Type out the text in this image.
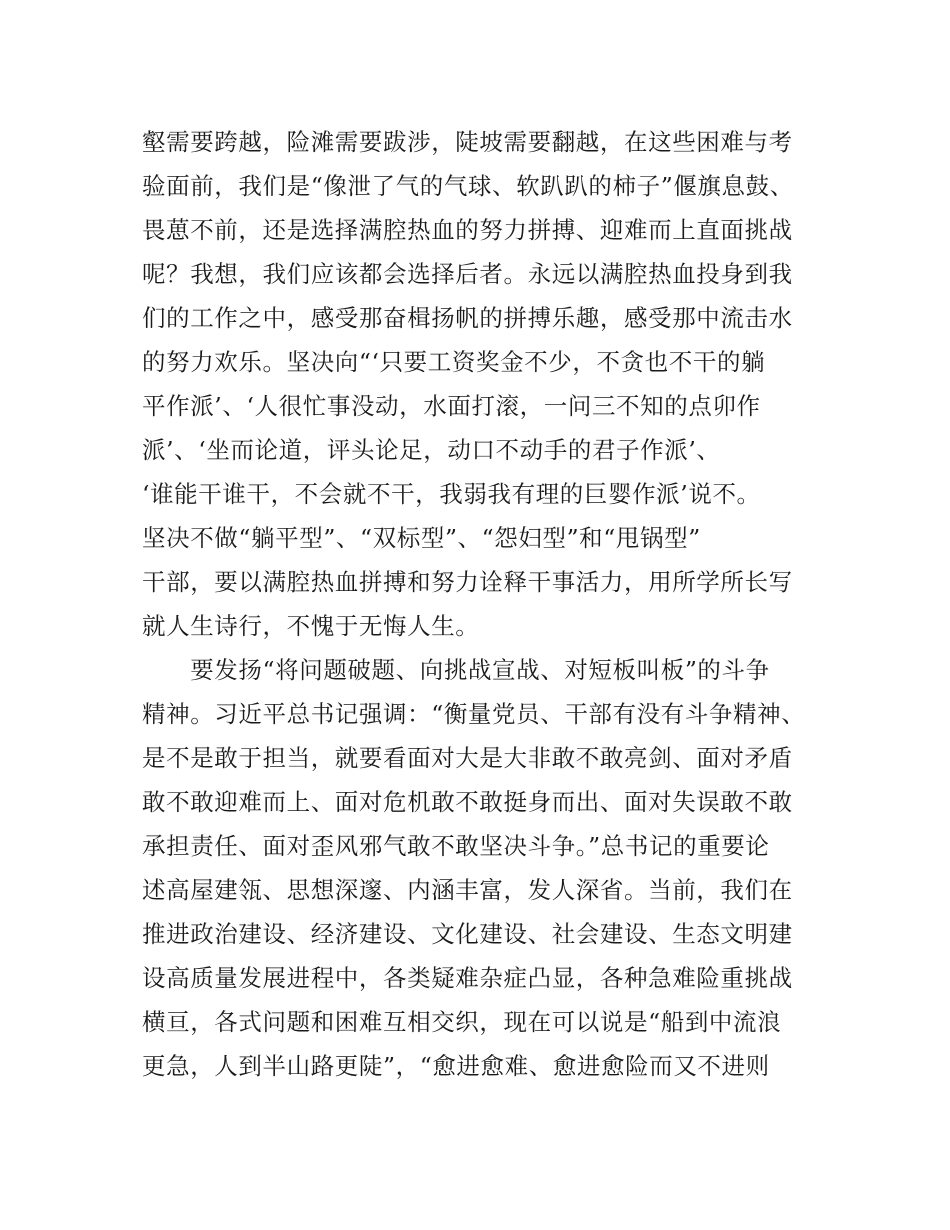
壑需要跨越，险滩需要跋涉，陡坡需要翻越，在这些困难与考
验面前，我们是“像泄了气的气球、软趴趴的柿子”偃旗息鼓、
畏葸不前，还是选择满腔热血的努力拼搏、迎难而上直面挑战
呢？我想，我们应该都会选择后者。永远以满腔热血投身到我
们的工作之中，感受那奋楫扬帆的拼搏乐趣，感受那中流击水
的努力欢乐。坚决向“‘只要工资奖金不少，不贪也不干的躺
平作派’、‘人很忙事没动，水面打滚，一问三不知的点卯作
派’、‘坐而论道，评头论足，动口不动手的君子作派’、
‘谁能干谁干，不会就不干，我弱我有理的巨婴作派’说不。
坚决不做“躺平型”、“双标型”、“怨妇型”和“甩锅型”
干部，要以满腔热血拼搏和努力诠释干事活力，用所学所长写
就人生诗行，不愧于无悔人生。
　　要发扬“将问题破题、向挑战宣战、对短板叫板”的斗争
精神。习近平总书记强调：“衡量党员、干部有没有斗争精神、
是不是敢于担当，就要看面对大是大非敢不敢亮剑、面对矛盾
敢不敢迎难而上、面对危机敢不敢挺身而出、面对失误敢不敢
承担责任、面对歪风邪气敢不敢坚决斗争。”总书记的重要论
述高屋建瓴、思想深邃、内涵丰富，发人深省。当前，我们在
推进政治建设、经济建设、文化建设、社会建设、生态文明建
设高质量发展进程中，各类疑难杂症凸显，各种急难险重挑战
横亘，各式问题和困难互相交织，现在可以说是“船到中流浪
更急，人到半山路更陡”，“愈进愈难、愈进愈险而又不进则
